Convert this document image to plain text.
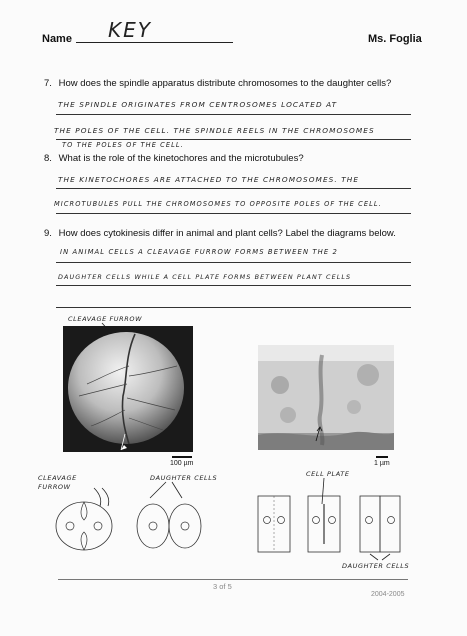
Name KEY	Ms. Foglia
7. How does the spindle apparatus distribute chromosomes to the daughter cells?
THE SPINDLE ORIGINATES FROM CENTROSOMES LOCATED AT
THE POLES OF THE CELL. THE SPINDLE REELS IN THE CHROMOSOMES
TO THE POLES OF THE CELL.
8. What is the role of the kinetochores and the microtubules?
THE KINETOCHORES ARE ATTACHED TO THE CHROMOSOMES. THE
MICROTUBULES PULL THE CHROMOSOMES TO OPPOSITE POLES OF THE CELL.
9. How does cytokinesis differ in animal and plant cells? Label the diagrams below.
IN ANIMAL CELLS A CLEAVAGE FURROW FORMS BETWEEN THE 2
DAUGHTER CELLS WHILE A CELL PLATE FORMS BETWEEN PLANT CELLS
CLEAVAGE FURROW
100 µm	1 µm
CLEAVAGE FURROW
DAUGHTER CELLS	CELL PLATE
DAUGHTER CELLS
3 of 5
2004-2005
